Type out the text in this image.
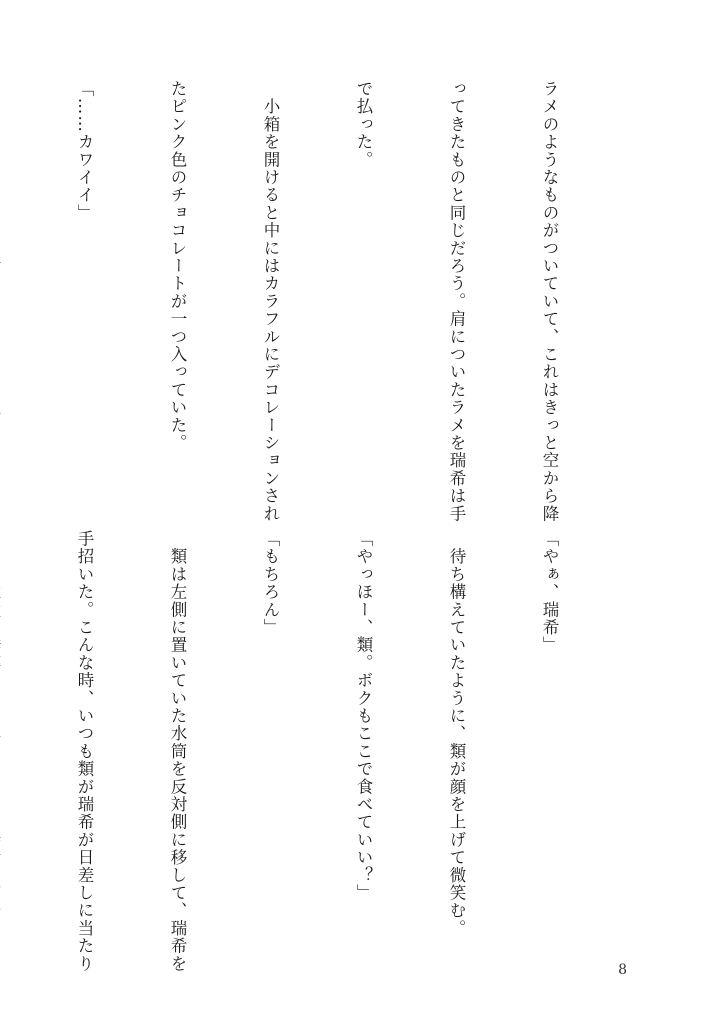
ラメのようなものがついていて、これはきっと空から降

ってきたものと同じだろう。肩についたラメを瑞希は手

で払った。

　小箱を開けると中にはカラフルにデコレーションされ

たピンク色のチョコレートが一つ入っていた。

「……カワイイ」

「やぁ、瑞希」

　待ち構えていたように、類が顔を上げて微笑む。

「やっほー、類。ボクもここで食べていい？」

「もちろん」

　類は左側に置いていた水筒を反対側に移して、瑞希を

手招いた。こんな時、いつも類が瑞希が日差しに当たり

	8
